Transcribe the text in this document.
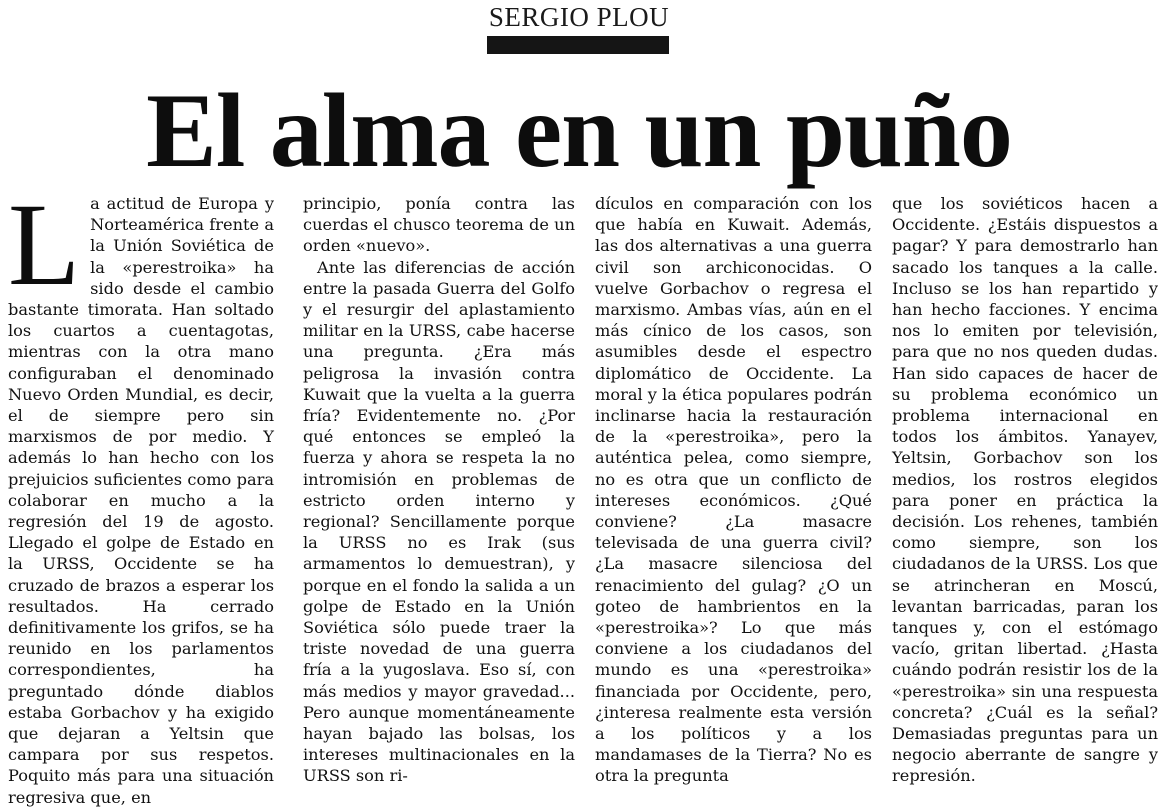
SERGIO PLOU
El alma en un puño
L a actitud de Europa y Norteamérica frente a la Unión Soviética de la «perestroika» ha sido desde el cambio bastante timorata. Han soltado los cuartos a cuentagotas, mientras con la otra mano configuraban el denominado Nuevo Orden Mundial, es decir, el de siempre pero sin marxismos de por medio. Y además lo han hecho con los prejuicios suficientes como para colaborar en mucho a la regresión del 19 de agosto. Llegado el golpe de Estado en la URSS, Occidente se ha cruzado de brazos a esperar los resultados. Ha cerrado definitivamente los grifos, se ha reunido en los parlamentos correspondientes, ha preguntado dónde diablos estaba Gorbachov y ha exigido que dejaran a Yeltsin que campara por sus respetos. Poquito más para una situación regresiva que, en

principio, ponía contra las cuerdas el chusco teorema de un orden «nuevo».

Ante las diferencias de acción entre la pasada Guerra del Golfo y el resurgir del aplastamiento militar en la URSS, cabe hacerse una pregunta. ¿Era más peligrosa la invasión contra Kuwait que la vuelta a la guerra fría? Evidentemente no. ¿Por qué entonces se empleó la fuerza y ahora se respeta la no intromisión en problemas de estricto orden interno y regional? Sencillamente porque la URSS no es Irak (sus armamentos lo demuestran), y porque en el fondo la salida a un golpe de Estado en la Unión Soviética sólo puede traer la triste novedad de una guerra fría a la yugoslava. Eso sí, con más medios y mayor gravedad... Pero aunque momentáneamente hayan bajado las bolsas, los intereses multinacionales en la URSS son ri-

dículos en comparación con los que había en Kuwait. Además, las dos alternativas a una guerra civil son archiconocidas. O vuelve Gorbachov o regresa el marxismo. Ambas vías, aún en el más cínico de los casos, son asumibles desde el espectro diplomático de Occidente. La moral y la ética populares podrán inclinarse hacia la restauración de la «perestroika», pero la auténtica pelea, como siempre, no es otra que un conflicto de intereses económicos. ¿Qué conviene? ¿La masacre televisada de una guerra civil? ¿La masacre silenciosa del renacimiento del gulag? ¿O un goteo de hambrientos en la «perestroika»? Lo que más conviene a los ciudadanos del mundo es una «perestroika» financiada por Occidente, pero, ¿interesa realmente esta versión a los políticos y a los mandamases de la Tierra? No es otra la pregunta

que los soviéticos hacen a Occidente. ¿Estáis dispuestos a pagar? Y para demostrarlo han sacado los tanques a la calle. Incluso se los han repartido y han hecho facciones. Y encima nos lo emiten por televisión, para que no nos queden dudas. Han sido capaces de hacer de su problema económico un problema internacional en todos los ámbitos. Yanayev, Yeltsin, Gorbachov son los medios, los rostros elegidos para poner en práctica la decisión. Los rehenes, también como siempre, son los ciudadanos de la URSS. Los que se atrincheran en Moscú, levantan barricadas, paran los tanques y, con el estómago vacío, gritan libertad. ¿Hasta cuándo podrán resistir los de la «perestroika» sin una respuesta concreta? ¿Cuál es la señal? Demasiadas preguntas para un negocio aberrante de sangre y represión.
